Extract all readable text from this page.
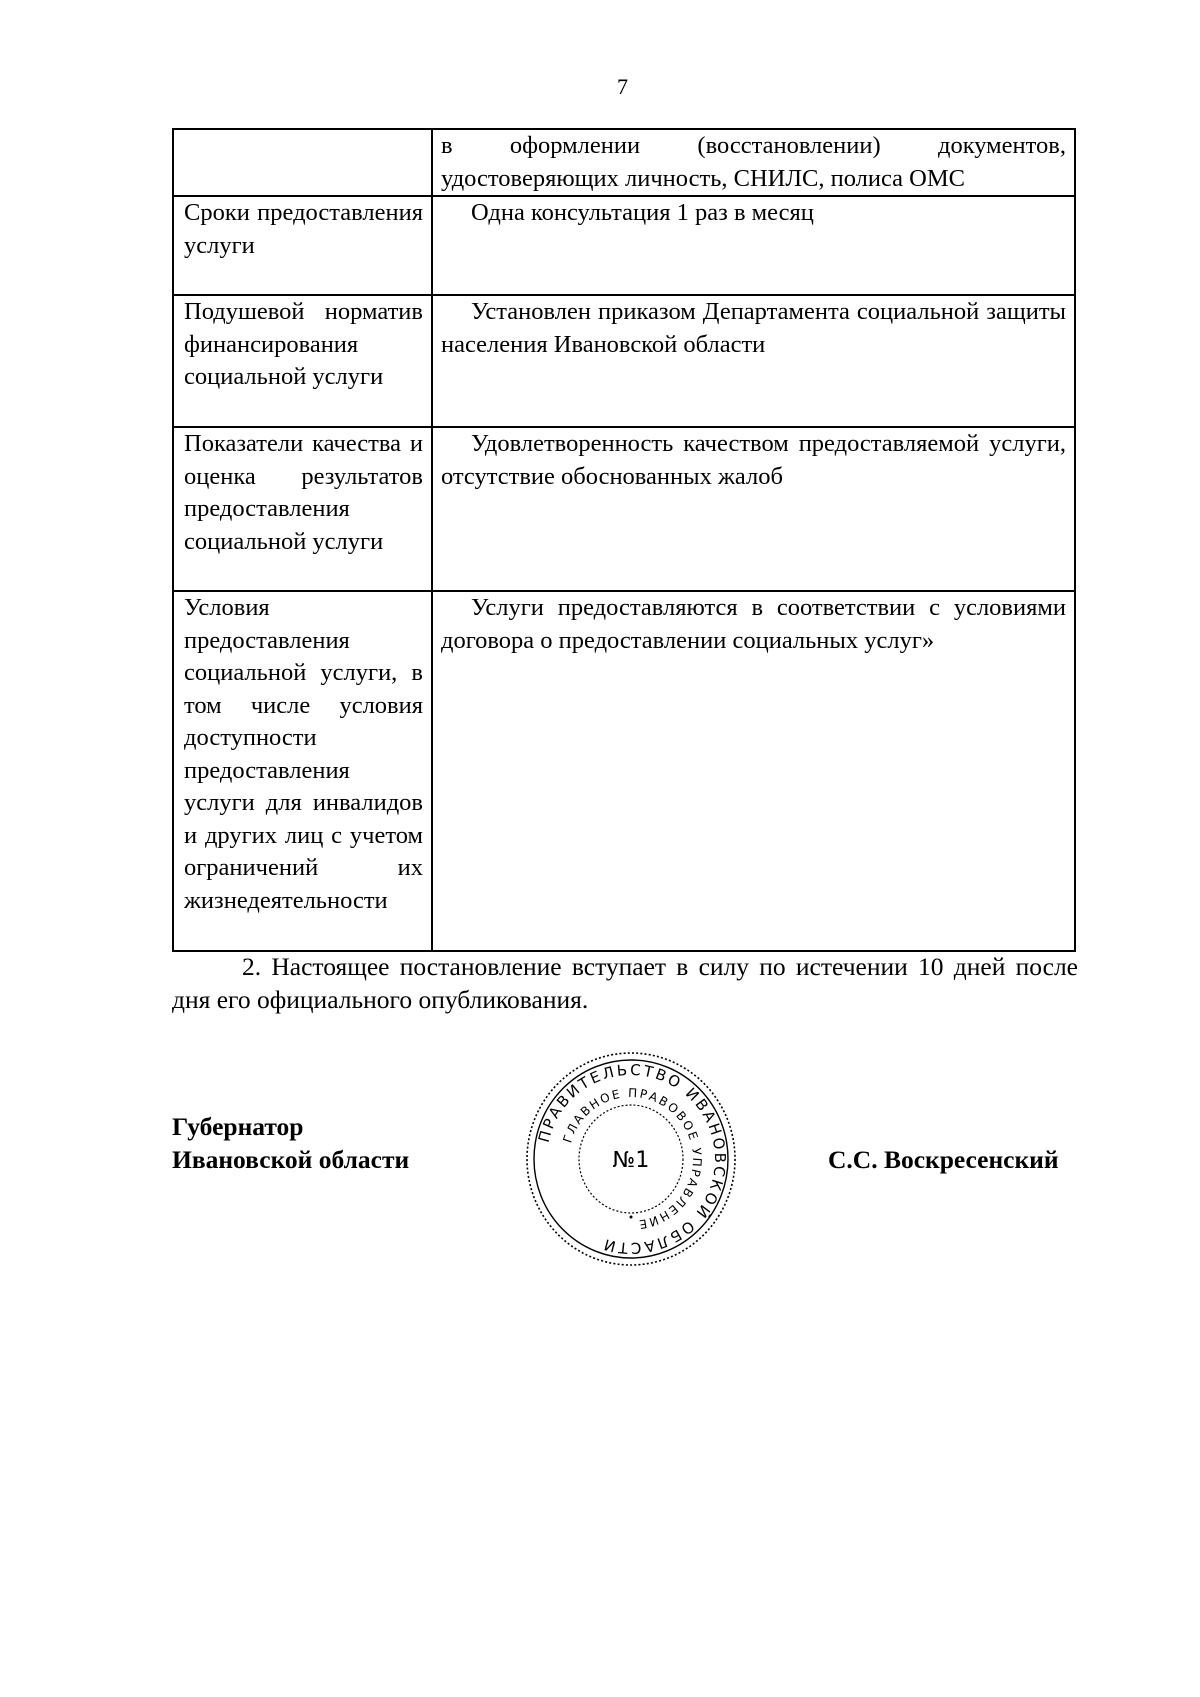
7
	в оформлении (восстановлении) документов, удостоверяющих личность, СНИЛС, полиса ОМС
Сроки предоставления услуги	Одна консультация 1 раз в месяц
Подушевой норматив финансирования социальной услуги	Установлен приказом Департамента социальной защиты населения Ивановской области
Показатели качества и оценка результатов предоставления социальной услуги	Удовлетворенность качеством предоставляемой услуги, отсутствие обоснованных жалоб
Условия предоставления социальной услуги, в том числе условия доступности предоставления услуги для инвалидов и других лиц с учетом ограничений их жизнедеятельности	Услуги предоставляются в соответствии с условиями договора о предоставлении социальных услуг»
2. Настоящее постановление вступает в силу по истечении 10 дней после дня его официального опубликования.
Губернатор
Ивановской области	С.С. Воскресенский
ПРАВИТЕЛЬСТВО ИВАНОВСКОЙ ОБЛАСТИ
ГЛАВНОЕ ПРАВОВОЕ УПРАВЛЕНИЕ
№1
